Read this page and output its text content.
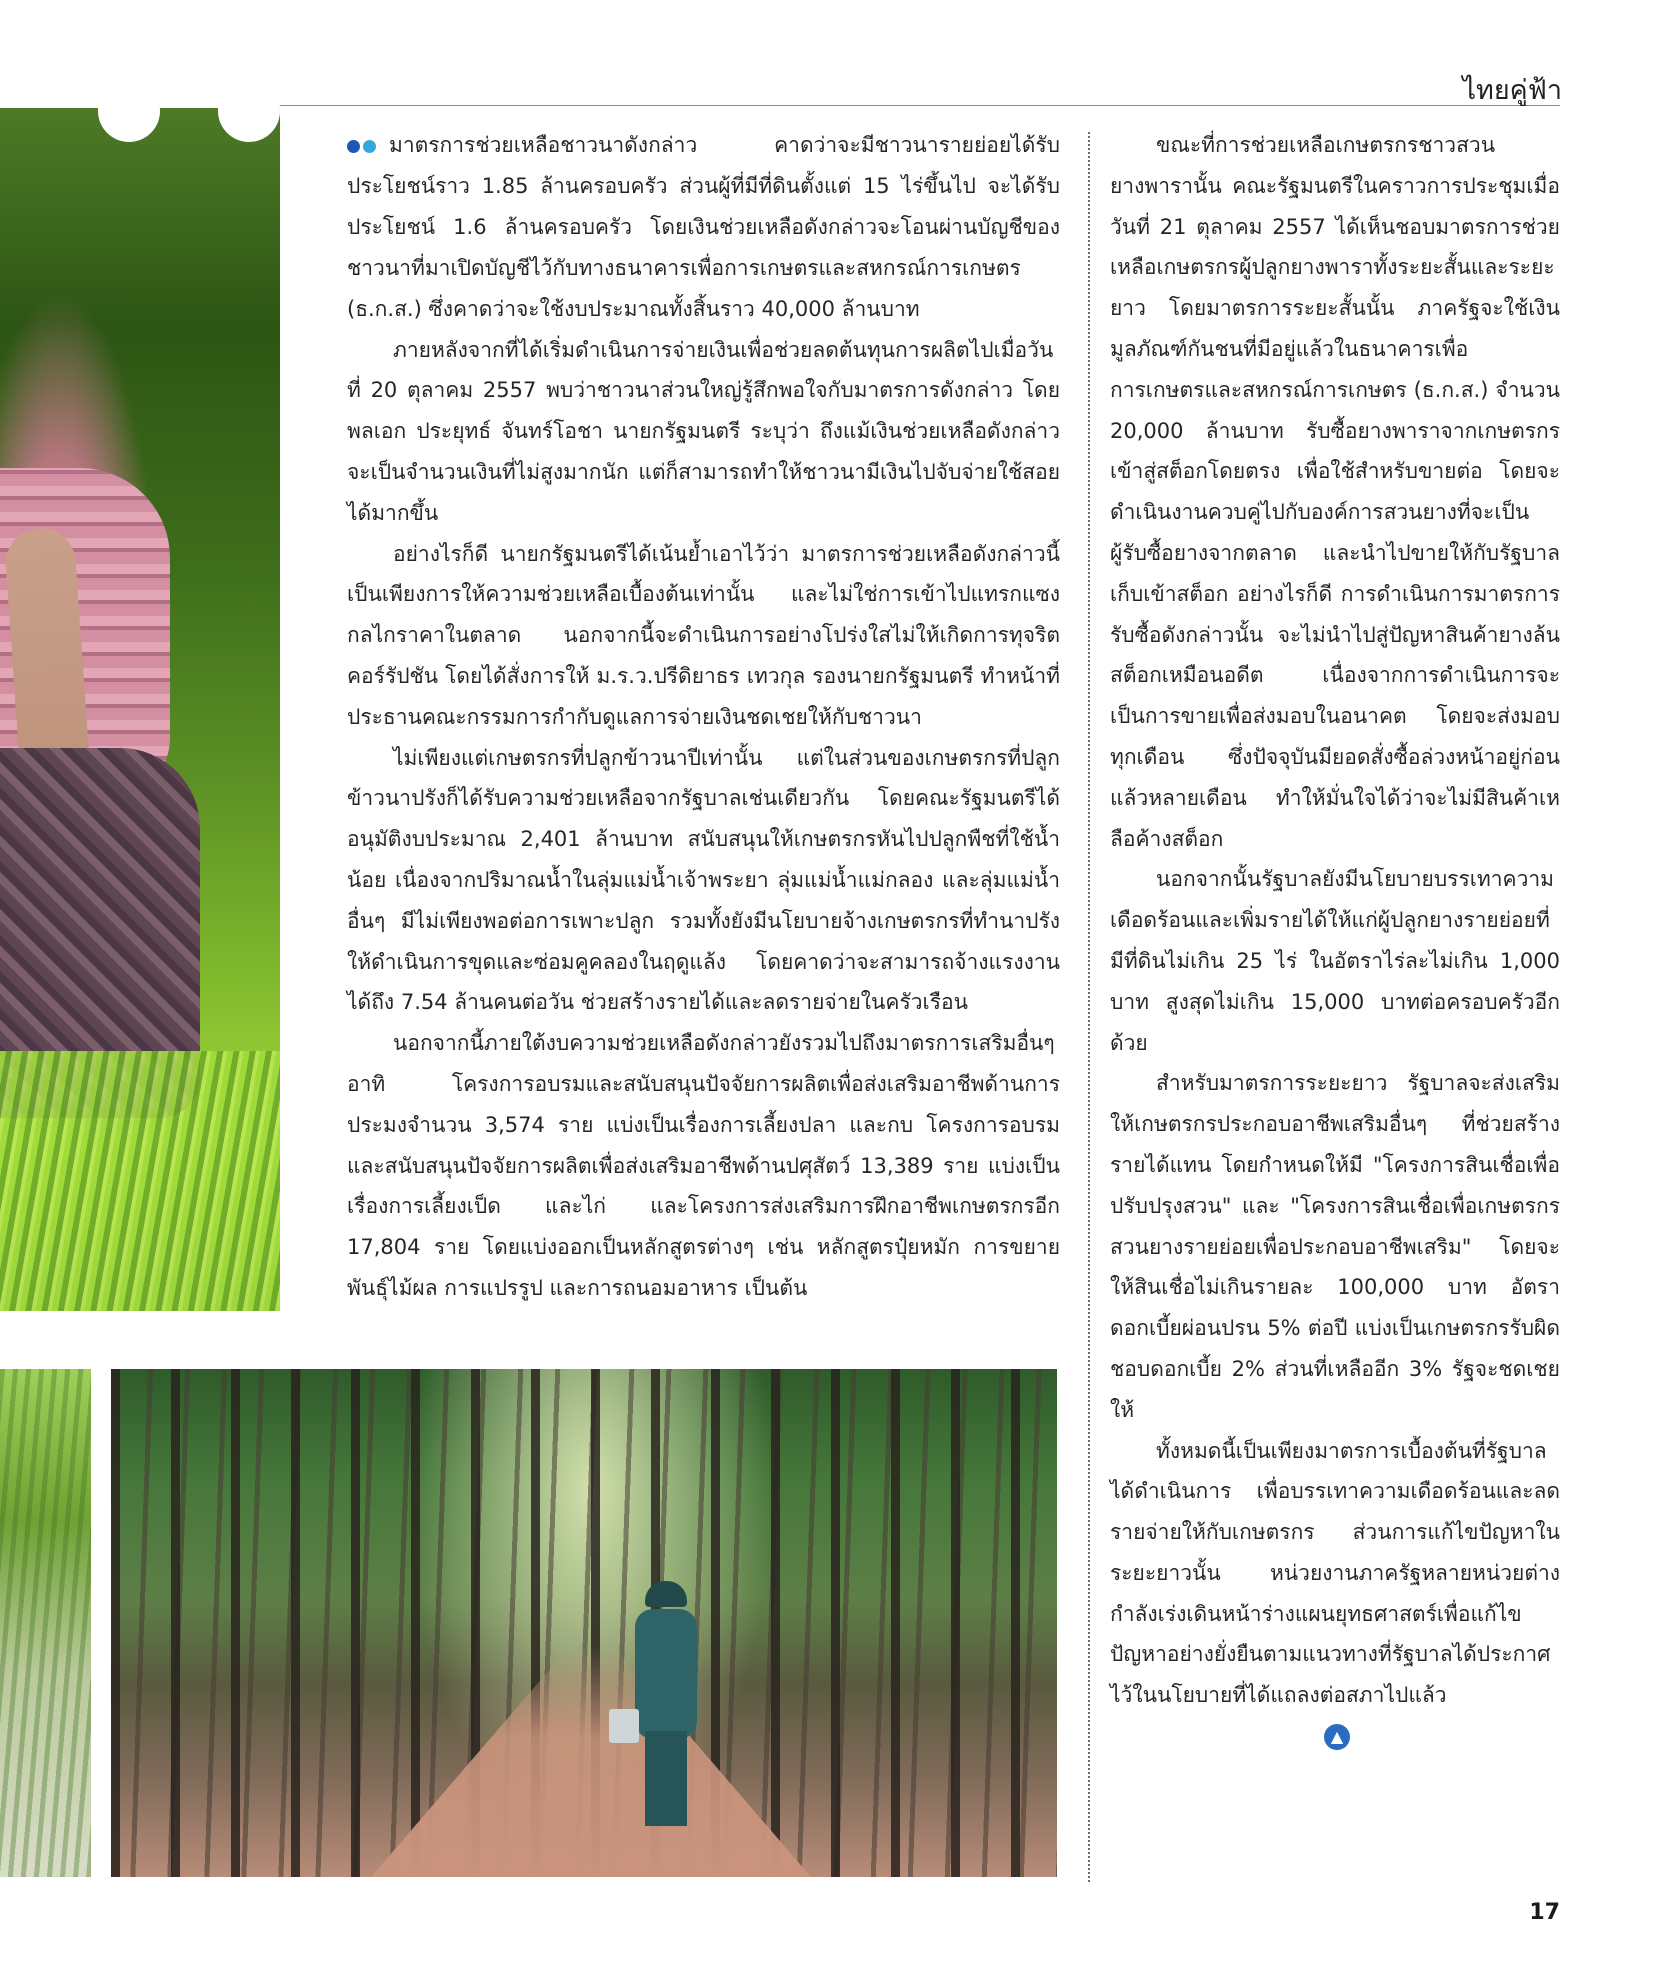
ไทยคู่ฟ้า

มาตรการช่วยเหลือชาวนาดังกล่าว คาดว่าจะมีชาวนารายย่อยได้รับประโยชน์ราว 1.85 ล้านครอบครัว ส่วนผู้ที่มีที่ดินตั้งแต่ 15 ไร่ขึ้นไป จะได้รับประโยชน์ 1.6 ล้านครอบครัว โดยเงินช่วยเหลือดังกล่าวจะโอนผ่านบัญชีของชาวนาที่มาเปิดบัญชีไว้กับทางธนาคารเพื่อการเกษตรและสหกรณ์การเกษตร (ธ.ก.ส.) ซึ่งคาดว่าจะใช้งบประมาณทั้งสิ้นราว 40,000 ล้านบาท

ภายหลังจากที่ได้เริ่มดำเนินการจ่ายเงินเพื่อช่วยลดต้นทุนการผลิตไปเมื่อวันที่ 20 ตุลาคม 2557 พบว่าชาวนาส่วนใหญ่รู้สึกพอใจกับมาตรการดังกล่าว โดย พลเอก ประยุทธ์ จันทร์โอชา นายกรัฐมนตรี ระบุว่า ถึงแม้เงินช่วยเหลือดังกล่าวจะเป็นจำนวนเงินที่ไม่สูงมากนัก แต่ก็สามารถทำให้ชาวนามีเงินไปจับจ่ายใช้สอยได้มากขึ้น

อย่างไรก็ดี นายกรัฐมนตรีได้เน้นย้ำเอาไว้ว่า มาตรการช่วยเหลือดังกล่าวนี้เป็นเพียงการให้ความช่วยเหลือเบื้องต้นเท่านั้น และไม่ใช่การเข้าไปแทรกแซงกลไกราคาในตลาด นอกจากนี้จะดำเนินการอย่างโปร่งใสไม่ให้เกิดการทุจริตคอร์รัปชัน โดยได้สั่งการให้ ม.ร.ว.ปรีดิยาธร เทวกุล รองนายกรัฐมนตรี ทำหน้าที่ประธานคณะกรรมการกำกับดูแลการจ่ายเงินชดเชยให้กับชาวนา

ไม่เพียงแต่เกษตรกรที่ปลูกข้าวนาปีเท่านั้น แต่ในส่วนของเกษตรกรที่ปลูกข้าวนาปรังก็ได้รับความช่วยเหลือจากรัฐบาลเช่นเดียวกัน โดยคณะรัฐมนตรีได้อนุมัติงบประมาณ 2,401 ล้านบาท สนับสนุนให้เกษตรกรหันไปปลูกพืชที่ใช้น้ำน้อย เนื่องจากปริมาณน้ำในลุ่มแม่น้ำเจ้าพระยา ลุ่มแม่น้ำแม่กลอง และลุ่มแม่น้ำอื่นๆ มีไม่เพียงพอต่อการเพาะปลูก รวมทั้งยังมีนโยบายจ้างเกษตรกรที่ทำนาปรังให้ดำเนินการขุดและซ่อมคูคลองในฤดูแล้ง โดยคาดว่าจะสามารถจ้างแรงงานได้ถึง 7.54 ล้านคนต่อวัน ช่วยสร้างรายได้และลดรายจ่ายในครัวเรือน

นอกจากนี้ภายใต้งบความช่วยเหลือดังกล่าวยังรวมไปถึงมาตรการเสริมอื่นๆ อาทิ โครงการอบรมและสนับสนุนปัจจัยการผลิตเพื่อส่งเสริมอาชีพด้านการประมงจำนวน 3,574 ราย แบ่งเป็นเรื่องการเลี้ยงปลา และกบ โครงการอบรมและสนับสนุนปัจจัยการผลิตเพื่อส่งเสริมอาชีพด้านปศุสัตว์ 13,389 ราย แบ่งเป็นเรื่องการเลี้ยงเป็ด และไก่ และโครงการส่งเสริมการฝึกอาชีพเกษตรกรอีก 17,804 ราย โดยแบ่งออกเป็นหลักสูตรต่างๆ เช่น หลักสูตรปุ๋ยหมัก การขยายพันธุ์ไม้ผล การแปรรูป และการถนอมอาหาร เป็นต้น

ขณะที่การช่วยเหลือเกษตรกรชาวสวนยางพารานั้น คณะรัฐมนตรีในคราวการประชุมเมื่อวันที่ 21 ตุลาคม 2557 ได้เห็นชอบมาตรการช่วยเหลือเกษตรกรผู้ปลูกยางพาราทั้งระยะสั้นและระยะยาว โดยมาตรการระยะสั้นนั้น ภาครัฐจะใช้เงินมูลภัณฑ์กันชนที่มีอยู่แล้วในธนาคารเพื่อการเกษตรและสหกรณ์การเกษตร (ธ.ก.ส.) จำนวน 20,000 ล้านบาท รับซื้อยางพาราจากเกษตรกรเข้าสู่สต็อกโดยตรง เพื่อใช้สำหรับขายต่อ โดยจะดำเนินงานควบคู่ไปกับองค์การสวนยางที่จะเป็นผู้รับซื้อยางจากตลาด และนำไปขายให้กับรัฐบาลเก็บเข้าสต็อก อย่างไรก็ดี การดำเนินการมาตรการรับซื้อดังกล่าวนั้น จะไม่นำไปสู่ปัญหาสินค้ายางล้นสต็อกเหมือนอดีต เนื่องจากการดำเนินการจะเป็นการขายเพื่อส่งมอบในอนาคต โดยจะส่งมอบทุกเดือน ซึ่งปัจจุบันมียอดสั่งซื้อล่วงหน้าอยู่ก่อนแล้วหลายเดือน ทำให้มั่นใจได้ว่าจะไม่มีสินค้าเหลือค้างสต็อก

นอกจากนั้นรัฐบาลยังมีนโยบายบรรเทาความเดือดร้อนและเพิ่มรายได้ให้แก่ผู้ปลูกยางรายย่อยที่มีที่ดินไม่เกิน 25 ไร่ ในอัตราไร่ละไม่เกิน 1,000 บาท สูงสุดไม่เกิน 15,000 บาทต่อครอบครัวอีกด้วย

สำหรับมาตรการระยะยาว รัฐบาลจะส่งเสริมให้เกษตรกรประกอบอาชีพเสริมอื่นๆ ที่ช่วยสร้างรายได้แทน โดยกำหนดให้มี "โครงการสินเชื่อเพื่อปรับปรุงสวน" และ "โครงการสินเชื่อเพื่อเกษตรกรสวนยางรายย่อยเพื่อประกอบอาชีพเสริม" โดยจะให้สินเชื่อไม่เกินรายละ 100,000 บาท อัตราดอกเบี้ยผ่อนปรน 5% ต่อปี แบ่งเป็นเกษตรกรรับผิดชอบดอกเบี้ย 2% ส่วนที่เหลืออีก 3% รัฐจะชดเชยให้

ทั้งหมดนี้เป็นเพียงมาตรการเบื้องต้นที่รัฐบาลได้ดำเนินการ เพื่อบรรเทาความเดือดร้อนและลดรายจ่ายให้กับเกษตรกร ส่วนการแก้ไขปัญหาในระยะยาวนั้น หน่วยงานภาครัฐหลายหน่วยต่างกำลังเร่งเดินหน้าร่างแผนยุทธศาสตร์เพื่อแก้ไขปัญหาอย่างยั่งยืนตามแนวทางที่รัฐบาลได้ประกาศไว้ในนโยบายที่ได้แถลงต่อสภาไปแล้ว

▲
17
